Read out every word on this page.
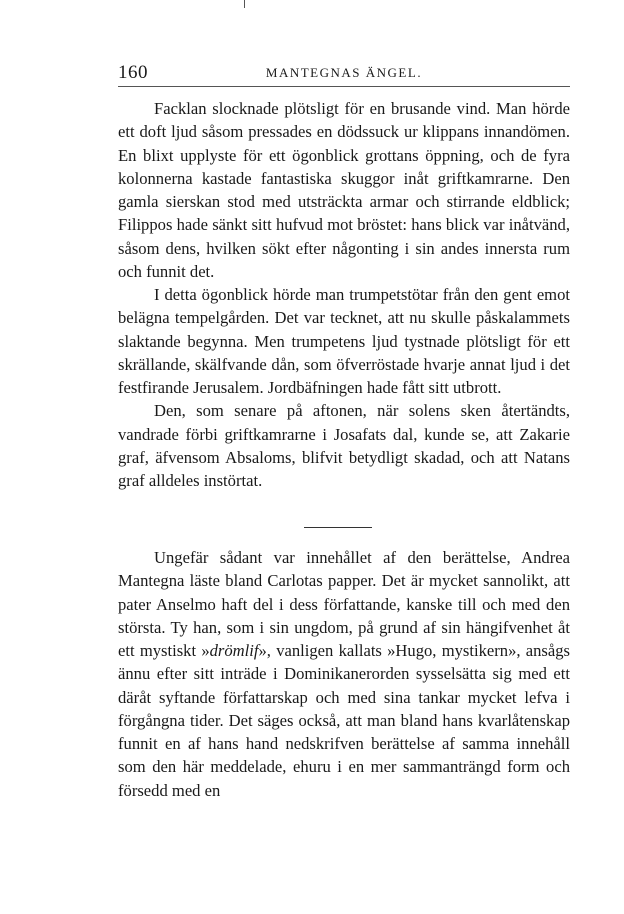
160	MANTEGNAS ÄNGEL.

Facklan slocknade plötsligt för en brusande vind. Man hörde ett doft ljud såsom pressades en dödssuck ur klippans innandömen. En blixt upplyste för ett ögonblick grottans öppning, och de fyra kolonnerna kastade fantastiska skuggor inåt griftkamrarne. Den gamla sierskan stod med utsträckta armar och stirrande eldblick; Filippos hade sänkt sitt hufvud mot bröstet: hans blick var inåtvänd, såsom dens, hvilken sökt efter någonting i sin andes innersta rum och funnit det.

I detta ögonblick hörde man trumpetstötar från den gent emot belägna tempelgården. Det var tecknet, att nu skulle påskalammets slaktande begynna. Men trumpetens ljud tystnade plötsligt för ett skrällande, skälfvande dån, som öfverröstade hvarje annat ljud i det festfirande Jerusalem. Jordbäfningen hade fått sitt utbrott.

Den, som senare på aftonen, när solens sken återtändts, vandrade förbi griftkamrarne i Josafats dal, kunde se, att Zakarie graf, äfvensom Absaloms, blifvit betydligt skadad, och att Natans graf alldeles instörtat.

Ungefär sådant var innehållet af den berättelse, Andrea Mantegna läste bland Carlotas papper. Det är mycket sannolikt, att pater Anselmo haft del i dess författande, kanske till och med den största. Ty han, som i sin ungdom, på grund af sin hängifvenhet åt ett mystiskt »drömlif», vanligen kallats »Hugo, mystikern», ansågs ännu efter sitt inträde i Dominikanerorden sysselsätta sig med ett däråt syftande författarskap och med sina tankar mycket lefva i förgångna tider. Det säges också, att man bland hans kvarlåtenskap funnit en af hans hand nedskrifven berättelse af samma innehåll som den här meddelade, ehuru i en mer sammanträngd form och försedd med en
